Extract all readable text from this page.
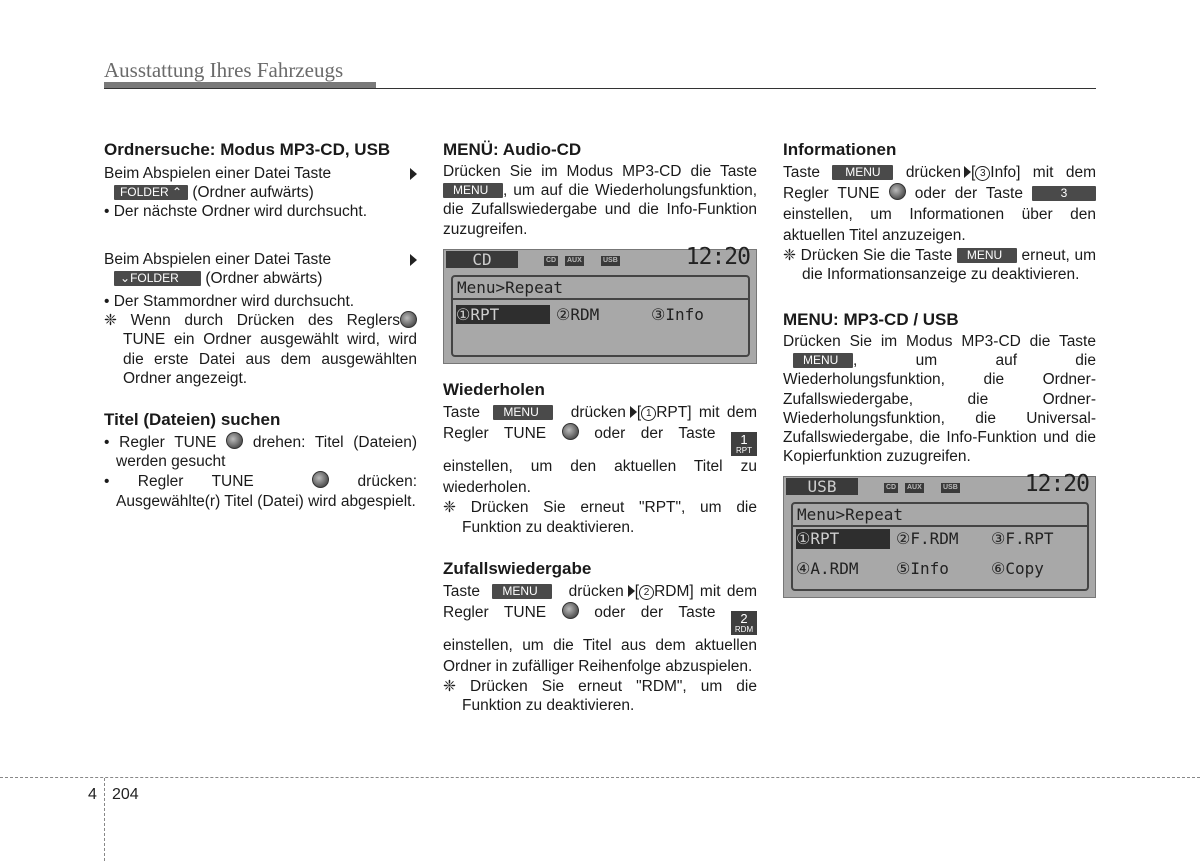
Ausstattung Ihres Fahrzeugs
Ordnersuche: Modus MP3-CD, USB

Beim Abspielen einer Datei Taste

FOLDER ⌃ (Ordner aufwärts)

• Der nächste Ordner wird durchsucht.

Beim Abspielen einer Datei Taste

⌄FOLDER (Ordner abwärts)

• Der Stammordner wird durchsucht.

❈ Wenn durch Drücken des Reglers
TUNE ein Ordner ausgewählt wird, wird die erste Datei aus dem ausgewählten Ordner angezeigt.

Titel (Dateien) suchen

• Regler TUNE drehen: Titel (Dateien) werden gesucht

• Regler TUNE	drücken: Ausgewählte(r) Titel (Datei) wird abgespielt.

MENÜ: Audio-CD

Drücken Sie im Modus MP3-CD die Taste MENU , um auf die Wiederholungsfunktion, die Zufallswiedergabe und die Info-Funktion zuzugreifen.

CD	CD AUX	USB	12:20
Menu>Repeat
①RPT	②RDM	③Info
Wiederholen

Taste MENU drücken [ 1 RPT] mit dem Regler TUNE	oder der Taste 1
RPT
einstellen, um den aktuellen Titel zu wiederholen.

❈ Drücken Sie erneut "RPT", um die Funktion zu deaktivieren.

Zufallswiedergabe

Taste MENU drücken [ 2 RDM] mit dem Regler TUNE	oder der Taste 2
RDM
einstellen, um die Titel aus dem aktuellen Ordner in zufälliger Reihenfolge abzuspielen.

❈ Drücken Sie erneut "RDM", um die Funktion zu deaktivieren.

Informationen

Taste MENU drücken [ 3 Info] mit dem Regler TUNE oder der Taste	3 einstellen, um Informationen über den aktuellen Titel anzuzeigen.

❈ Drücken Sie die Taste MENU erneut, um die Informationsanzeige zu deaktivieren.

MENU: MP3-CD / USB

Drücken Sie im Modus MP3-CD die Taste MENU , um auf die Wiederholungsfunktion, die Ordner-Zufallswiedergabe, die Ordner-Wiederholungsfunktion, die Universal-Zufallswiedergabe, die Info-Funktion und die Kopierfunktion zuzugreifen.

USB	CD AUX	USB	12:20
Menu>Repeat
①RPT	②F.RDM ③F.RPT
④A.RDM ⑤Info	⑥Copy
4 204
